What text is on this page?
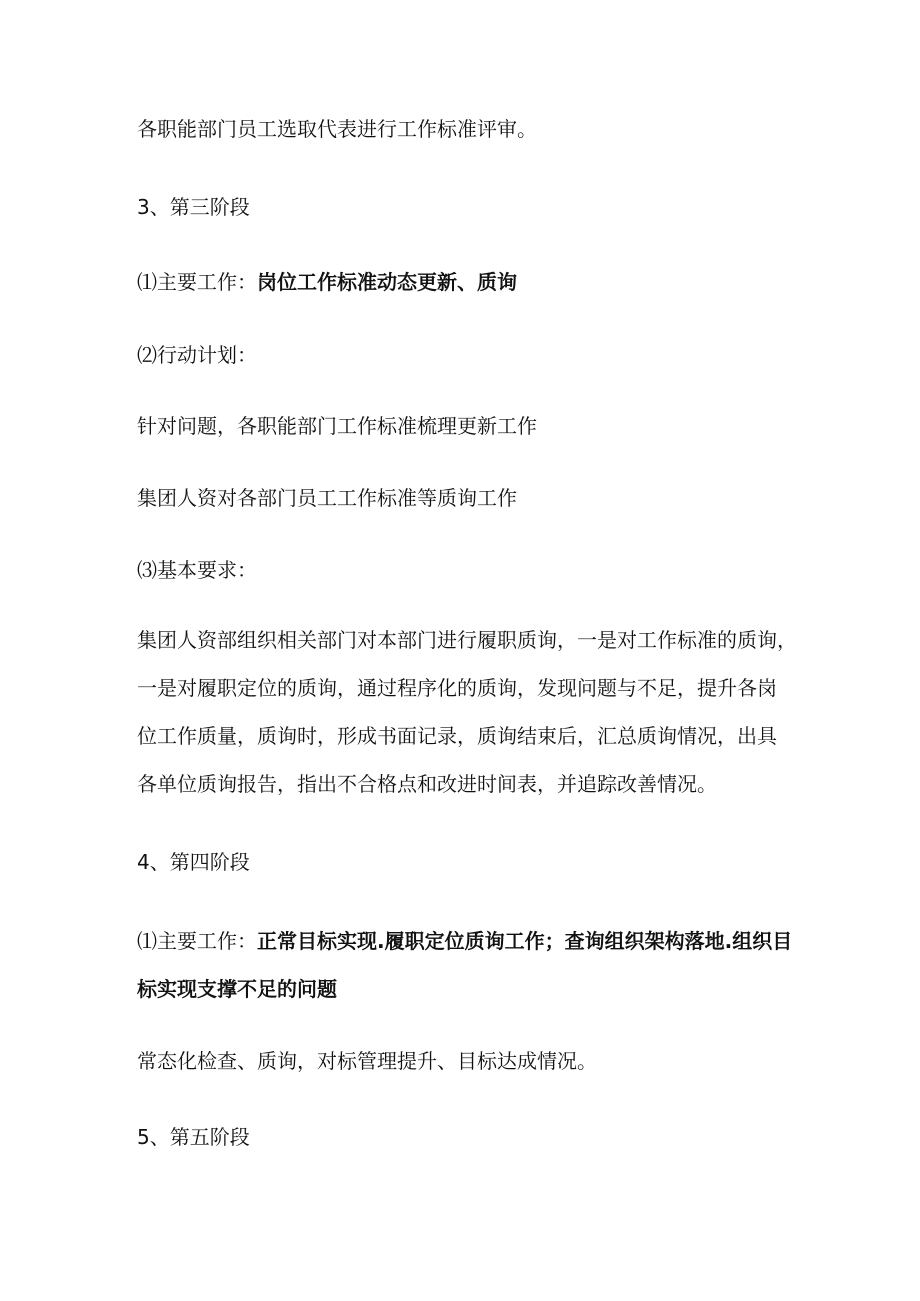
各职能部门员工选取代表进行工作标准评审。
3、第三阶段
⑴主要工作：岗位工作标准动态更新、质询
⑵行动计划：
针对问题，各职能部门工作标准梳理更新工作
集团人资对各部门员工工作标准等质询工作
⑶基本要求：

集团人资部组织相关部门对本部门进行履职质询，一是对工作标准的质询，

一是对履职定位的质询，通过程序化的质询，发现问题与不足，提升各岗

位工作质量，质询时，形成书面记录，质询结束后，汇总质询情况，出具

各单位质询报告，指出不合格点和改进时间表，并追踪改善情况。

4、第四阶段

⑴主要工作：正常目标实现.履职定位质询工作；查询组织架构落地.组织目

标实现支撑不足的问题

常态化检查、质询，对标管理提升、目标达成情况。
5、第五阶段
